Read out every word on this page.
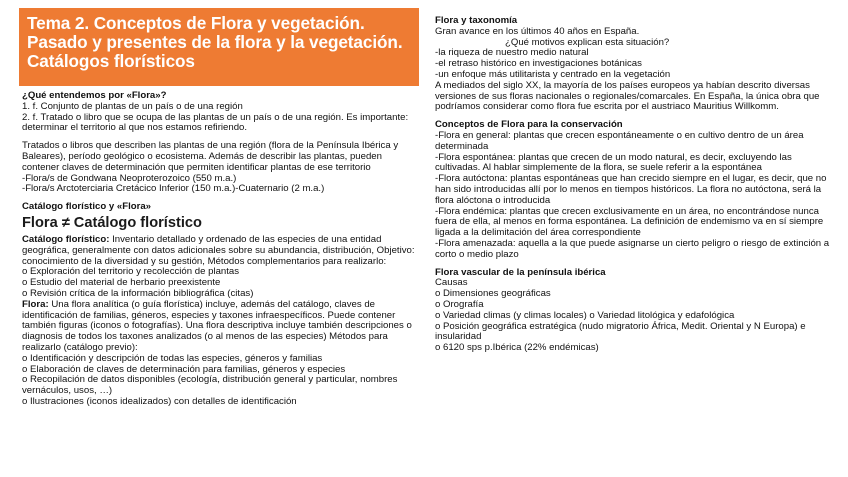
Tema 2. Conceptos de Flora y vegetación. Pasado y presentes de la flora y la vegetación. Catálogos florísticos

¿Qué entendemos por «Flora»?

1. f. Conjunto de plantas de un país o de una región

2. f. Tratado o libro que se ocupa de las plantas de un país o de una región. Es importante: determinar el territorio al que nos estamos refiriendo.

Tratados o libros que describen las plantas de una región (flora de la Península Ibérica y Baleares), período geológico o ecosistema. Además de describir las plantas, pueden contener claves de determinación que permiten identificar plantas de ese territorio

-Flora/s de Gondwana Neoproterozoico (550 m.a.)

-Flora/s Arctoterciaria Cretácico Inferior (150 m.a.)-Cuaternario (2 m.a.)

Catálogo florístico y «Flora»

Flora ≠ Catálogo florístico

Catálogo florístico: Inventario detallado y ordenado de las especies de una entidad geográfica, generalmente con datos adicionales sobre su abundancia, distribución, Objetivo: conocimiento de la diversidad y su gestión, Métodos complementarios para realizarlo:

o Exploración del territorio y recolección de plantas

o Estudio del material de herbario preexistente

o Revisión crítica de la información bibliográfica (citas)

Flora: Una flora analítica (o guía florística) incluye, además del catálogo, claves de identificación de familias, géneros, especies y taxones infraespecíficos. Puede contener también figuras (iconos o fotografías). Una flora descriptiva incluye también descripciones o diagnosis de todos los taxones analizados (o al menos de las especies) Métodos para realizarlo (catálogo previo):

o Identificación y descripción de todas las especies, géneros y familias

o Elaboración de claves de determinación para familias, géneros y especies

o Recopilación de datos disponibles (ecología, distribución general y particular, nombres vernáculos, usos, …)

o Ilustraciones (iconos idealizados) con detalles de identificación

Flora y taxonomía

Gran avance en los últimos 40 años en España.

¿Qué motivos explican esta situación?

-la riqueza de nuestro medio natural

-el retraso histórico en investigaciones botánicas

-un enfoque más utilitarista y centrado en la vegetación

A mediados del siglo XX, la mayoría de los países europeos ya habían descrito diversas versiones de sus floras nacionales o regionales/comarcales. En España, la única obra que podríamos considerar como flora fue escrita por el austriaco Mauritius Willkomm.

Conceptos de Flora para la conservación

-Flora en general: plantas que crecen espontáneamente o en cultivo dentro de un área determinada

-Flora espontánea: plantas que crecen de un modo natural, es decir, excluyendo las cultivadas. Al hablar simplemente de la flora, se suele referir a la espontánea

-Flora autóctona: plantas espontáneas que han crecido siempre en el lugar, es decir, que no han sido introducidas allí por lo menos en tiempos históricos. La flora no autóctona, será la flora alóctona o introducida

-Flora endémica: plantas que crecen exclusivamente en un área, no encontrándose nunca fuera de ella, al menos en forma espontánea. La definición de endemismo va en sí siempre ligada a la delimitación del área correspondiente

-Flora amenazada: aquella a la que puede asignarse un cierto peligro o riesgo de extinción a corto o medio plazo

Flora vascular de la península ibérica

Causas

o Dimensiones geográficas

o Orografía

o Variedad climas (y climas locales) o Variedad litológica y edafológica

o Posición geográfica estratégica (nudo migratorio África, Medit. Oriental y N Europa) e insularidad

o 6120 sps p.Ibérica (22% endémicas)
